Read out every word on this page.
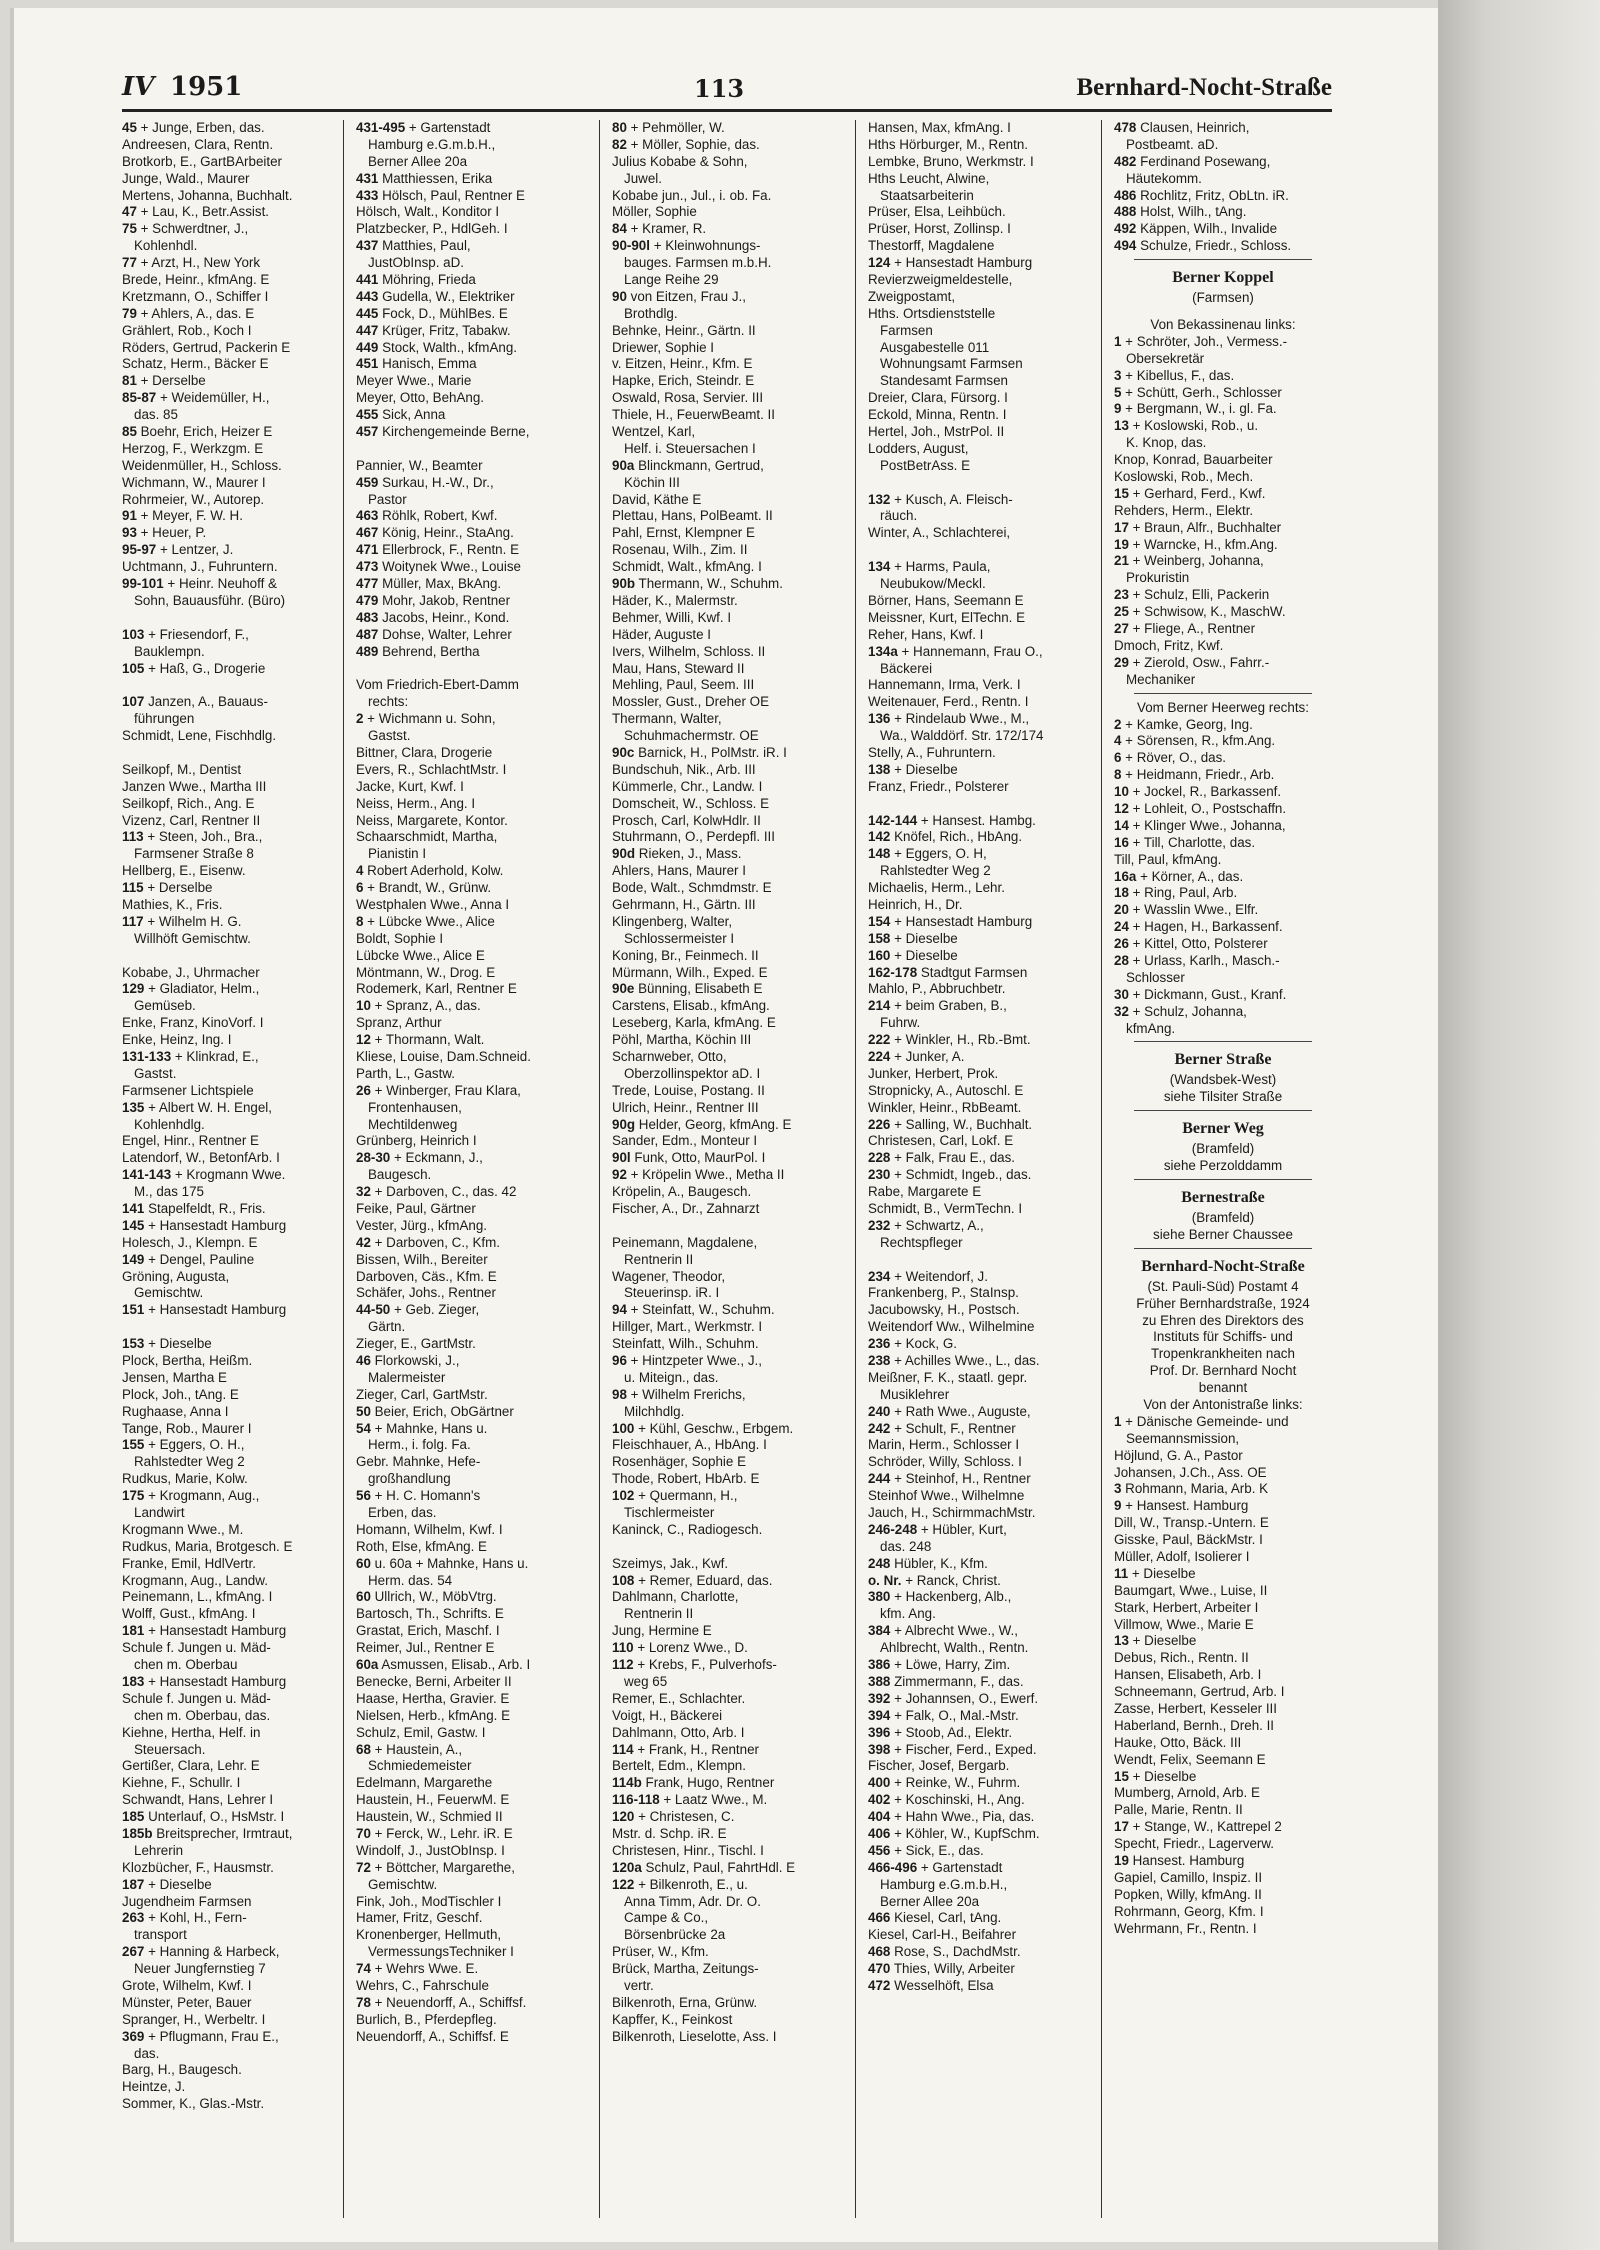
IV 1951	113	Bernhard-Nocht-Straße
45 + Junge, Erben, das.
Andreesen, Clara, Rentn.
Brotkorb, E., GartBArbeiter
Junge, Wald., Maurer
Mertens, Johanna, Buchhalt.
47 + Lau, K., Betr.Assist.
75 + Schwerdtner, J.,
Kohlenhdl.
77 + Arzt, H., New York
Brede, Heinr., kfmAng. E
Kretzmann, O., Schiffer I
79 + Ahlers, A., das. E
Grählert, Rob., Koch I
Röders, Gertrud, Packerin E
Schatz, Herm., Bäcker E
81 + Derselbe
85-87 + Weidemüller, H.,
das. 85
85 Boehr, Erich, Heizer E
Herzog, F., Werkzgm. E
Weidenmüller, H., Schloss.
Wichmann, W., Maurer I
Rohrmeier, W., Autorep.
91 + Meyer, F. W. H.
93 + Heuer, P.
95-97 + Lentzer, J.
Uchtmann, J., Fuhruntern.
99-101 + Heinr. Neuhoff &
Sohn, Bauausführ. (Büro)

103 + Friesendorf, F.,
Bauklempn.
105 + Haß, G., Drogerie

107 Janzen, A., Bauaus-
führungen
Schmidt, Lene, Fischhdlg.

Seilkopf, M., Dentist
Janzen Wwe., Martha III
Seilkopf, Rich., Ang. E
Vizenz, Carl, Rentner II
113 + Steen, Joh., Bra.,
Farmsener Straße 8
Hellberg, E., Eisenw.
115 + Derselbe
Mathies, K., Fris.
117 + Wilhelm H. G.
Willhöft Gemischtw.

Kobabe, J., Uhrmacher
129 + Gladiator, Helm.,
Gemüseb.
Enke, Franz, KinoVorf. I
Enke, Heinz, Ing. I
131-133 + Klinkrad, E.,
Gastst.
Farmsener Lichtspiele
135 + Albert W. H. Engel,
Kohlenhdlg.
Engel, Hinr., Rentner E
Latendorf, W., BetonfArb. I
141-143 + Krogmann Wwe.
M., das 175
141 Stapelfeldt, R., Fris.
145 + Hansestadt Hamburg
Holesch, J., Klempn. E
149 + Dengel, Pauline
Gröning, Augusta,
Gemischtw.
151 + Hansestadt Hamburg

153 + Dieselbe
Plock, Bertha, Heißm.
Jensen, Martha E
Plock, Joh., tAng. E
Rughaase, Anna I
Tange, Rob., Maurer I
155 + Eggers, O. H.,
Rahlstedter Weg 2
Rudkus, Marie, Kolw.
175 + Krogmann, Aug.,
Landwirt
Krogmann Wwe., M.
Rudkus, Maria, Brotgesch. E
Franke, Emil, HdlVertr.
Krogmann, Aug., Landw.
Peinemann, L., kfmAng. I
Wolff, Gust., kfmAng. I
181 + Hansestadt Hamburg
Schule f. Jungen u. Mäd-
chen m. Oberbau
183 + Hansestadt Hamburg
Schule f. Jungen u. Mäd-
chen m. Oberbau, das.
Kiehne, Hertha, Helf. in
Steuersach.
Gertißer, Clara, Lehr. E
Kiehne, F., Schullr. I
Schwandt, Hans, Lehrer I
185 Unterlauf, O., HsMstr. I
185b Breitsprecher, Irmtraut,
Lehrerin
Klozbücher, F., Hausmstr.
187 + Dieselbe
Jugendheim Farmsen
263 + Kohl, H., Fern-
transport
267 + Hanning & Harbeck,
Neuer Jungfernstieg 7
Grote, Wilhelm, Kwf. I
Münster, Peter, Bauer
Spranger, H., Werbeltr. I
369 + Pflugmann, Frau E.,
das.
Barg, H., Baugesch.
Heintze, J.
Sommer, K., Glas.-Mstr.
431-495 + Gartenstadt
Hamburg e.G.m.b.H.,
Berner Allee 20a
431 Matthiessen, Erika
433 Hölsch, Paul, Rentner E
Hölsch, Walt., Konditor I
Platzbecker, P., HdlGeh. I
437 Matthies, Paul,
JustObInsp. aD.
441 Möhring, Frieda
443 Gudella, W., Elektriker
445 Fock, D., MühlBes. E
447 Krüger, Fritz, Tabakw.
449 Stock, Walth., kfmAng.
451 Hanisch, Emma
Meyer Wwe., Marie
Meyer, Otto, BehAng.
455 Sick, Anna
457 Kirchengemeinde Berne,

Pannier, W., Beamter
459 Surkau, H.-W., Dr.,
Pastor
463 Röhlk, Robert, Kwf.
467 König, Heinr., StaAng.
471 Ellerbrock, F., Rentn. E
473 Woitynek Wwe., Louise
477 Müller, Max, BkAng.
479 Mohr, Jakob, Rentner
483 Jacobs, Heinr., Kond.
487 Dohse, Walter, Lehrer
489 Behrend, Bertha

Vom Friedrich-Ebert-Damm
rechts:
2 + Wichmann u. Sohn,
Gastst.
Bittner, Clara, Drogerie
Evers, R., SchlachtMstr. I
Jacke, Kurt, Kwf. I
Neiss, Herm., Ang. I
Neiss, Margarete, Kontor.
Schaarschmidt, Martha,
Pianistin I
4 Robert Aderhold, Kolw.
6 + Brandt, W., Grünw.
Westphalen Wwe., Anna I
8 + Lübcke Wwe., Alice
Boldt, Sophie I
Lübcke Wwe., Alice E
Möntmann, W., Drog. E
Rodemerk, Karl, Rentner E
10 + Spranz, A., das.
Spranz, Arthur
12 + Thormann, Walt.
Kliese, Louise, Dam.Schneid.
Parth, L., Gastw.
26 + Winberger, Frau Klara,
Frontenhausen,
Mechtildenweg
Grünberg, Heinrich I
28-30 + Eckmann, J.,
Baugesch.
32 + Darboven, C., das. 42
Feike, Paul, Gärtner
Vester, Jürg., kfmAng.
42 + Darboven, C., Kfm.
Bissen, Wilh., Bereiter
Darboven, Cäs., Kfm. E
Schäfer, Johs., Rentner
44-50 + Geb. Zieger,
Gärtn.
Zieger, E., GartMstr.
46 Florkowski, J.,
Malermeister
Zieger, Carl, GartMstr.
50 Beier, Erich, ObGärtner
54 + Mahnke, Hans u.
Herm., i. folg. Fa.
Gebr. Mahnke, Hefe-
großhandlung
56 + H. C. Homann's
Erben, das.
Homann, Wilhelm, Kwf. I
Roth, Else, kfmAng. E
60 u. 60a + Mahnke, Hans u.
Herm. das. 54
60 Ullrich, W., MöbVtrg.
Bartosch, Th., Schrifts. E
Grastat, Erich, Maschf. I
Reimer, Jul., Rentner E
60a Asmussen, Elisab., Arb. I
Benecke, Berni, Arbeiter II
Haase, Hertha, Gravier. E
Nielsen, Herb., kfmAng. E
Schulz, Emil, Gastw. I
68 + Haustein, A.,
Schmiedemeister
Edelmann, Margarethe
Haustein, H., FeuerwM. E
Haustein, W., Schmied II
70 + Ferck, W., Lehr. iR. E
Windolf, J., JustObInsp. I
72 + Böttcher, Margarethe,
Gemischtw.
Fink, Joh., ModTischler I
Hamer, Fritz, Geschf.
Kronenberger, Hellmuth,
VermessungsTechniker I
74 + Wehrs Wwe. E.
Wehrs, C., Fahrschule
78 + Neuendorff, A., Schiffsf.
Burlich, B., Pferdepfleg.
Neuendorff, A., Schiffsf. E
80 + Pehmöller, W.
82 + Möller, Sophie, das.
Julius Kobabe & Sohn,
Juwel.
Kobabe jun., Jul., i. ob. Fa.
Möller, Sophie
84 + Kramer, R.
90-90l + Kleinwohnungs-
bauges. Farmsen m.b.H.
Lange Reihe 29
90 von Eitzen, Frau J.,
Brothdlg.
Behnke, Heinr., Gärtn. II
Driewer, Sophie I
v. Eitzen, Heinr., Kfm. E
Hapke, Erich, Steindr. E
Oswald, Rosa, Servier. III
Thiele, H., FeuerwBeamt. II
Wentzel, Karl,
Helf. i. Steuersachen I
90a Blinckmann, Gertrud,
Köchin III
David, Käthe E
Plettau, Hans, PolBeamt. II
Pahl, Ernst, Klempner E
Rosenau, Wilh., Zim. II
Schmidt, Walt., kfmAng. I
90b Thermann, W., Schuhm.
Häder, K., Malermstr.
Behmer, Willi, Kwf. I
Häder, Auguste I
Ivers, Wilhelm, Schloss. II
Mau, Hans, Steward II
Mehling, Paul, Seem. III
Mossler, Gust., Dreher OE
Thermann, Walter,
Schuhmachermstr. OE
90c Barnick, H., PolMstr. iR. I
Bundschuh, Nik., Arb. III
Kümmerle, Chr., Landw. I
Domscheit, W., Schloss. E
Prosch, Carl, KolwHdlr. II
Stuhrmann, O., Perdepfl. III
90d Rieken, J., Mass.
Ahlers, Hans, Maurer I
Bode, Walt., Schmdmstr. E
Gehrmann, H., Gärtn. III
Klingenberg, Walter,
Schlossermeister I
Koning, Br., Feinmech. II
Mürmann, Wilh., Exped. E
90e Bünning, Elisabeth E
Carstens, Elisab., kfmAng.
Leseberg, Karla, kfmAng. E
Pöhl, Martha, Köchin III
Scharnweber, Otto,
Oberzollinspektor aD. I
Trede, Louise, Postang. II
Ulrich, Heinr., Rentner III
90g Helder, Georg, kfmAng. E
Sander, Edm., Monteur I
90l Funk, Otto, MaurPol. I
92 + Kröpelin Wwe., Metha II
Kröpelin, A., Baugesch.
Fischer, A., Dr., Zahnarzt

Peinemann, Magdalene,
Rentnerin II
Wagener, Theodor,
Steuerinsp. iR. I
94 + Steinfatt, W., Schuhm.
Hillger, Mart., Werkmstr. I
Steinfatt, Wilh., Schuhm.
96 + Hintzpeter Wwe., J.,
u. Miteign., das.
98 + Wilhelm Frerichs,
Milchhdlg.
100 + Kühl, Geschw., Erbgem.
Fleischhauer, A., HbAng. I
Rosenhäger, Sophie E
Thode, Robert, HbArb. E
102 + Quermann, H.,
Tischlermeister
Kaninck, C., Radiogesch.

Szeimys, Jak., Kwf.
108 + Remer, Eduard, das.
Dahlmann, Charlotte,
Rentnerin II
Jung, Hermine E
110 + Lorenz Wwe., D.
112 + Krebs, F., Pulverhofs-
weg 65
Remer, E., Schlachter.
Voigt, H., Bäckerei
Dahlmann, Otto, Arb. I
114 + Frank, H., Rentner
Bertelt, Edm., Klempn.
114b Frank, Hugo, Rentner
116-118 + Laatz Wwe., M.
120 + Christesen, C.
Mstr. d. Schp. iR. E
Christesen, Hinr., Tischl. I
120a Schulz, Paul, FahrtHdl. E
122 + Bilkenroth, E., u.
Anna Timm, Adr. Dr. O.
Campe & Co.,
Börsenbrücke 2a
Prüser, W., Kfm.
Brück, Martha, Zeitungs-
vertr.
Bilkenroth, Erna, Grünw.
Kapffer, K., Feinkost
Bilkenroth, Lieselotte, Ass. I
Hansen, Max, kfmAng. I
Hths Hörburger, M., Rentn.
Lembke, Bruno, Werkmstr. I
Hths Leucht, Alwine,
Staatsarbeiterin
Prüser, Elsa, Leihbüch.
Prüser, Horst, Zollinsp. I
Thestorff, Magdalene
124 + Hansestadt Hamburg
Revierzweigmeldestelle,
Zweigpostamt,
Hths. Ortsdienststelle
Farmsen
Ausgabestelle 011
Wohnungsamt Farmsen
Standesamt Farmsen
Dreier, Clara, Fürsorg. I
Eckold, Minna, Rentn. I
Hertel, Joh., MstrPol. II
Lodders, August,
PostBetrAss. E

132 + Kusch, A. Fleisch-
räuch.
Winter, A., Schlachterei,

134 + Harms, Paula,
Neubukow/Meckl.
Börner, Hans, Seemann E
Meissner, Kurt, ElTechn. E
Reher, Hans, Kwf. I
134a + Hannemann, Frau O.,
Bäckerei
Hannemann, Irma, Verk. I
Weitenauer, Ferd., Rentn. I
136 + Rindelaub Wwe., M.,
Wa., Walddörf. Str. 172/174
Stelly, A., Fuhruntern.
138 + Dieselbe
Franz, Friedr., Polsterer

142-144 + Hansest. Hambg.
142 Knöfel, Rich., HbAng.
148 + Eggers, O. H,
Rahlstedter Weg 2
Michaelis, Herm., Lehr.
Heinrich, H., Dr.
154 + Hansestadt Hamburg
158 + Dieselbe
160 + Dieselbe
162-178 Stadtgut Farmsen
Mahlo, P., Abbruchbetr.
214 + beim Graben, B.,
Fuhrw.
222 + Winkler, H., Rb.-Bmt.
224 + Junker, A.
Junker, Herbert, Prok.
Stropnicky, A., Autoschl. E
Winkler, Heinr., RbBeamt.
226 + Salling, W., Buchhalt.
Christesen, Carl, Lokf. E
228 + Falk, Frau E., das.
230 + Schmidt, Ingeb., das.
Rabe, Margarete E
Schmidt, B., VermTechn. I
232 + Schwartz, A.,
Rechtspfleger

234 + Weitendorf, J.
Frankenberg, P., StaInsp.
Jacubowsky, H., Postsch.
Weitendorf Ww., Wilhelmine
236 + Kock, G.
238 + Achilles Wwe., L., das.
Meißner, F. K., staatl. gepr.
Musiklehrer
240 + Rath Wwe., Auguste,
242 + Schult, F., Rentner
Marin, Herm., Schlosser I
Schröder, Willy, Schloss. I
244 + Steinhof, H., Rentner
Steinhof Wwe., Wilhelmne
Jauch, H., SchirmmachMstr.
246-248 + Hübler, Kurt,
das. 248
248 Hübler, K., Kfm.
o. Nr. + Ranck, Christ.
380 + Hackenberg, Alb.,
kfm. Ang.
384 + Albrecht Wwe., W.,
Ahlbrecht, Walth., Rentn.
386 + Löwe, Harry, Zim.
388 Zimmermann, F., das.
392 + Johannsen, O., Ewerf.
394 + Falk, O., Mal.-Mstr.
396 + Stoob, Ad., Elektr.
398 + Fischer, Ferd., Exped.
Fischer, Josef, Bergarb.
400 + Reinke, W., Fuhrm.
402 + Koschinski, H., Ang.
404 + Hahn Wwe., Pia, das.
406 + Köhler, W., KupfSchm.
456 + Sick, E., das.
466-496 + Gartenstadt
Hamburg e.G.m.b.H.,
Berner Allee 20a
466 Kiesel, Carl, tAng.
Kiesel, Carl-H., Beifahrer
468 Rose, S., DachdMstr.
470 Thies, Willy, Arbeiter
472 Wesselhöft, Elsa
478 Clausen, Heinrich,
Postbeamt. aD.
482 Ferdinand Posewang,
Häutekomm.
486 Rochlitz, Fritz, ObLtn. iR.
488 Holst, Wilh., tAng.
492 Käppen, Wilh., Invalide
494 Schulze, Friedr., Schloss.
Berner Koppel
(Farmsen)
Von Bekassinenau links:
1 + Schröter, Joh., Vermess.-
Obersekretär
3 + Kibellus, F., das.
5 + Schütt, Gerh., Schlosser
9 + Bergmann, W., i. gl. Fa.
13 + Koslowski, Rob., u.
K. Knop, das.
Knop, Konrad, Bauarbeiter
Koslowski, Rob., Mech.
15 + Gerhard, Ferd., Kwf.
Rehders, Herm., Elektr.
17 + Braun, Alfr., Buchhalter
19 + Warncke, H., kfm.Ang.
21 + Weinberg, Johanna,
Prokuristin
23 + Schulz, Elli, Packerin
25 + Schwisow, K., MaschW.
27 + Fliege, A., Rentner
Dmoch, Fritz, Kwf.
29 + Zierold, Osw., Fahrr.-
Mechaniker
Vom Berner Heerweg rechts:
2 + Kamke, Georg, Ing.
4 + Sörensen, R., kfm.Ang.
6 + Röver, O., das.
8 + Heidmann, Friedr., Arb.
10 + Jockel, R., Barkassenf.
12 + Lohleit, O., Postschaffn.
14 + Klinger Wwe., Johanna,
16 + Till, Charlotte, das.
Till, Paul, kfmAng.
16a + Körner, A., das.
18 + Ring, Paul, Arb.
20 + Wasslin Wwe., Elfr.
24 + Hagen, H., Barkassenf.
26 + Kittel, Otto, Polsterer
28 + Urlass, Karlh., Masch.-
Schlosser
30 + Dickmann, Gust., Kranf.
32 + Schulz, Johanna,
kfmAng.
Berner Straße
(Wandsbek-West)
siehe Tilsiter Straße
Berner Weg
(Bramfeld)
siehe Perzolddamm
Bernestraße
(Bramfeld)
siehe Berner Chaussee
Bernhard-Nocht-Straße
(St. Pauli-Süd) Postamt 4
Früher Bernhardstraße, 1924
zu Ehren des Direktors des
Instituts für Schiffs- und
Tropenkrankheiten nach
Prof. Dr. Bernhard Nocht
benannt
Von der Antonistraße links:
1 + Dänische Gemeinde- und
Seemannsmission,
Höjlund, G. A., Pastor
Johansen, J.Ch., Ass. OE
3 Rohmann, Maria, Arb. K
9 + Hansest. Hamburg
Dill, W., Transp.-Untern. E
Gisske, Paul, BäckMstr. I
Müller, Adolf, Isolierer I
11 + Dieselbe
Baumgart, Wwe., Luise, II
Stark, Herbert, Arbeiter I
Villmow, Wwe., Marie E
13 + Dieselbe
Debus, Rich., Rentn. II
Hansen, Elisabeth, Arb. I
Schneemann, Gertrud, Arb. I
Zasse, Herbert, Kesseler III
Haberland, Bernh., Dreh. II
Hauke, Otto, Bäck. III
Wendt, Felix, Seemann E
15 + Dieselbe
Mumberg, Arnold, Arb. E
Palle, Marie, Rentn. II
17 + Stange, W., Kattrepel 2
Specht, Friedr., Lagerverw.
19 Hansest. Hamburg
Gapiel, Camillo, Inspiz. II
Popken, Willy, kfmAng. II
Rohrmann, Georg, Kfm. I
Wehrmann, Fr., Rentn. I
